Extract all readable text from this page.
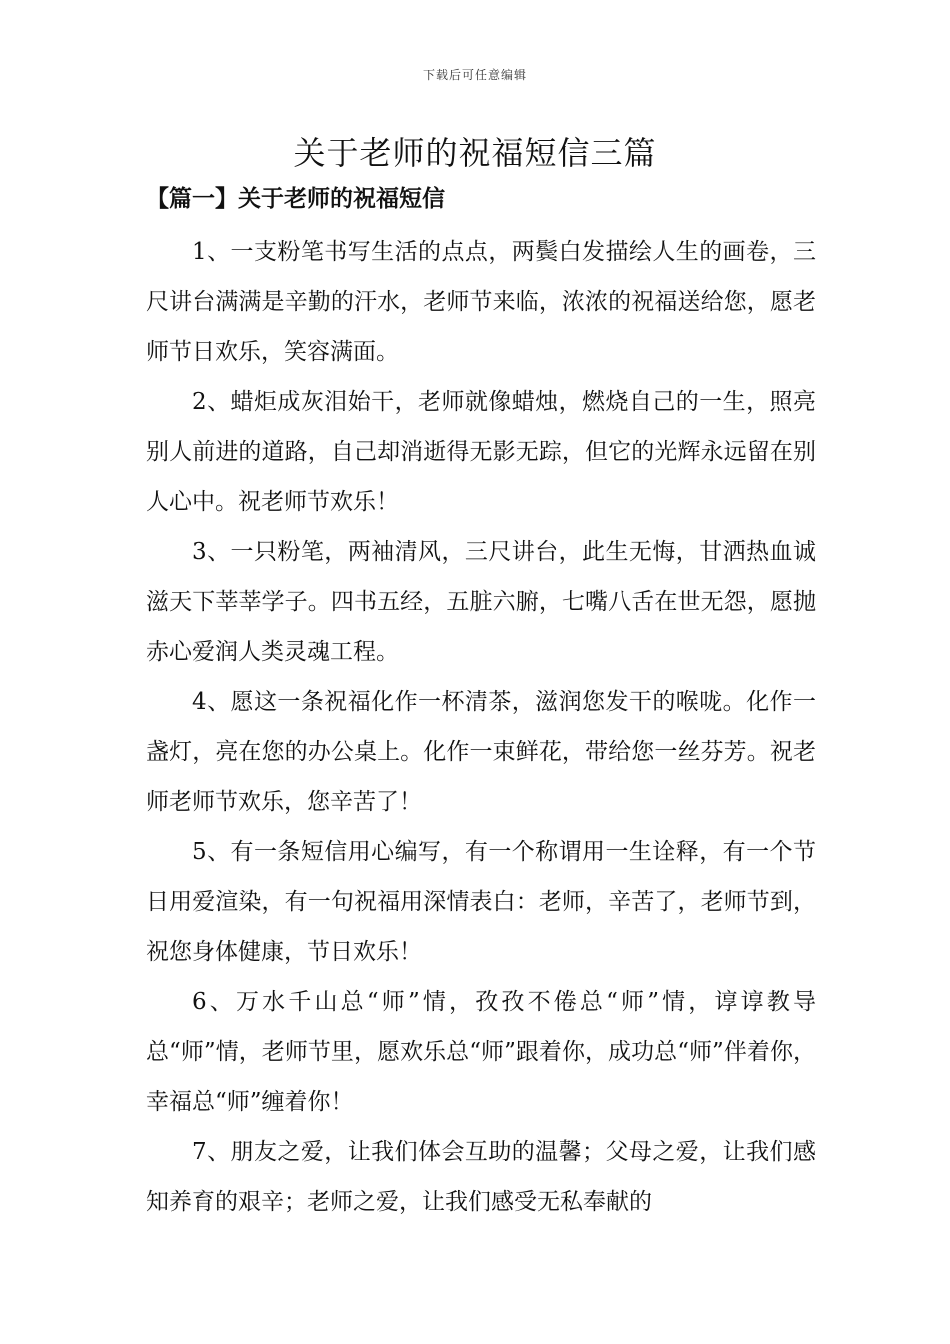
下载后可任意编辑
关于老师的祝福短信三篇
【篇一】关于老师的祝福短信

1、一支粉笔书写生活的点点，两鬓白发描绘人生的画卷，三尺讲台满满是辛勤的汗水，老师节来临，浓浓的祝福送给您，愿老师节日欢乐，笑容满面。

2、蜡炬成灰泪始干，老师就像蜡烛，燃烧自己的一生，照亮别人前进的道路，自己却消逝得无影无踪，但它的光辉永远留在别人心中。祝老师节欢乐！

3、一只粉笔，两袖清风，三尺讲台，此生无悔，甘洒热血诚滋天下莘莘学子。四书五经，五脏六腑，七嘴八舌在世无怨，愿抛赤心爱润人类灵魂工程。

4、愿这一条祝福化作一杯清茶，滋润您发干的喉咙。化作一盏灯，亮在您的办公桌上。化作一束鲜花，带给您一丝芬芳。祝老师老师节欢乐，您辛苦了！

5、有一条短信用心编写，有一个称谓用一生诠释，有一个节日用爱渲染，有一句祝福用深情表白：老师，辛苦了，老师节到，祝您身体健康，节日欢乐！

6、万水千山总“师”情，孜孜不倦总“师”情，谆谆教导总“师”情，老师节里，愿欢乐总“师”跟着你，成功总“师”伴着你，幸福总“师”缠着你！

7、朋友之爱，让我们体会互助的温馨；父母之爱，让我们感知养育的艰辛；老师之爱，让我们感受无私奉献的
